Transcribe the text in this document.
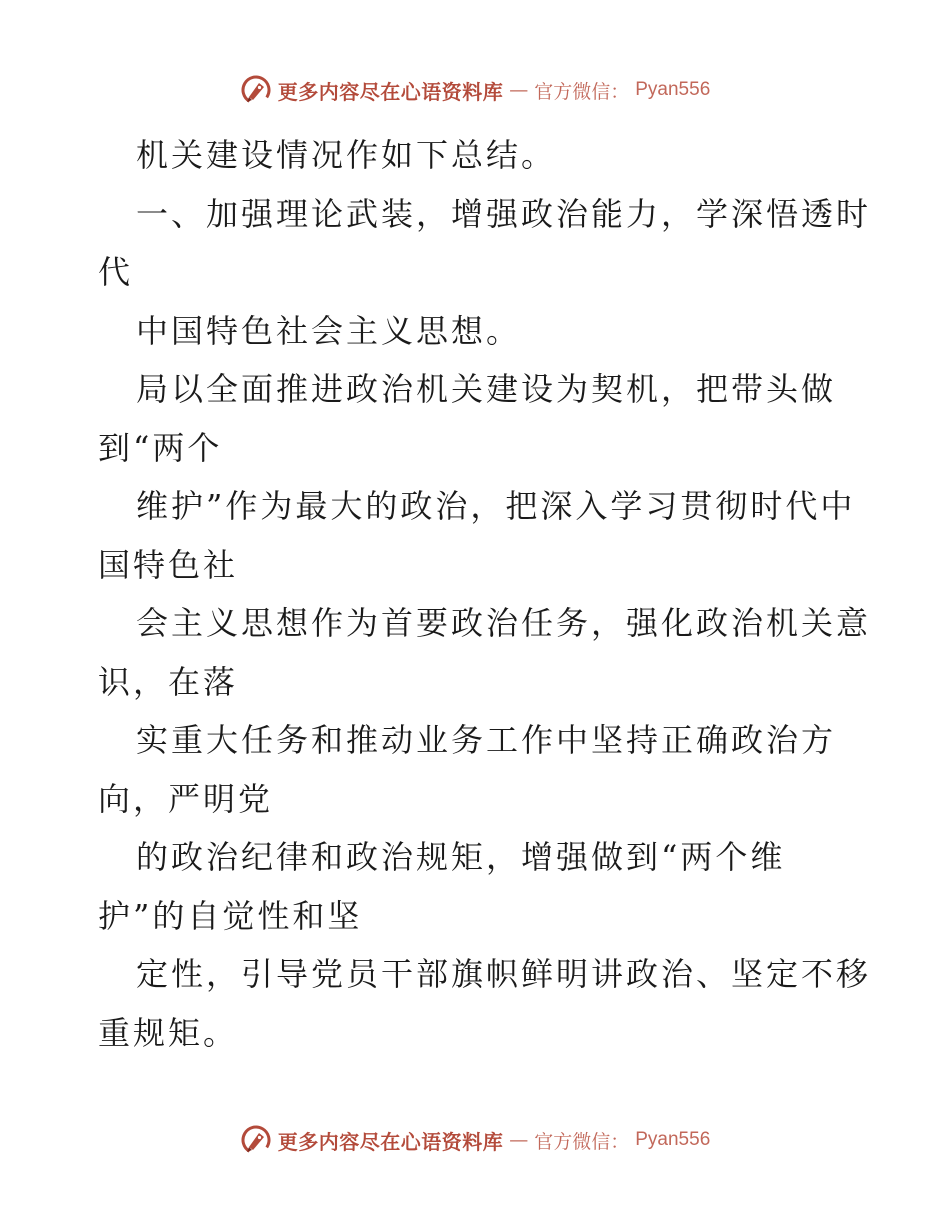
更多内容尽在心语资料库 — 官方微信： Pyan556
机关建设情况作如下总结。
一、加强理论武装，增强政治能力，学深悟透时
代
中国特色社会主义思想。
局以全面推进政治机关建设为契机，把带头做
到“两个
维护”作为最大的政治，把深入学习贯彻时代中
国特色社
会主义思想作为首要政治任务，强化政治机关意
识，在落
实重大任务和推动业务工作中坚持正确政治方
向，严明党
的政治纪律和政治规矩，增强做到“两个维
护”的自觉性和坚
定性，引导党员干部旗帜鲜明讲政治、坚定不移
重规矩。
更多内容尽在心语资料库 — 官方微信： Pyan556
